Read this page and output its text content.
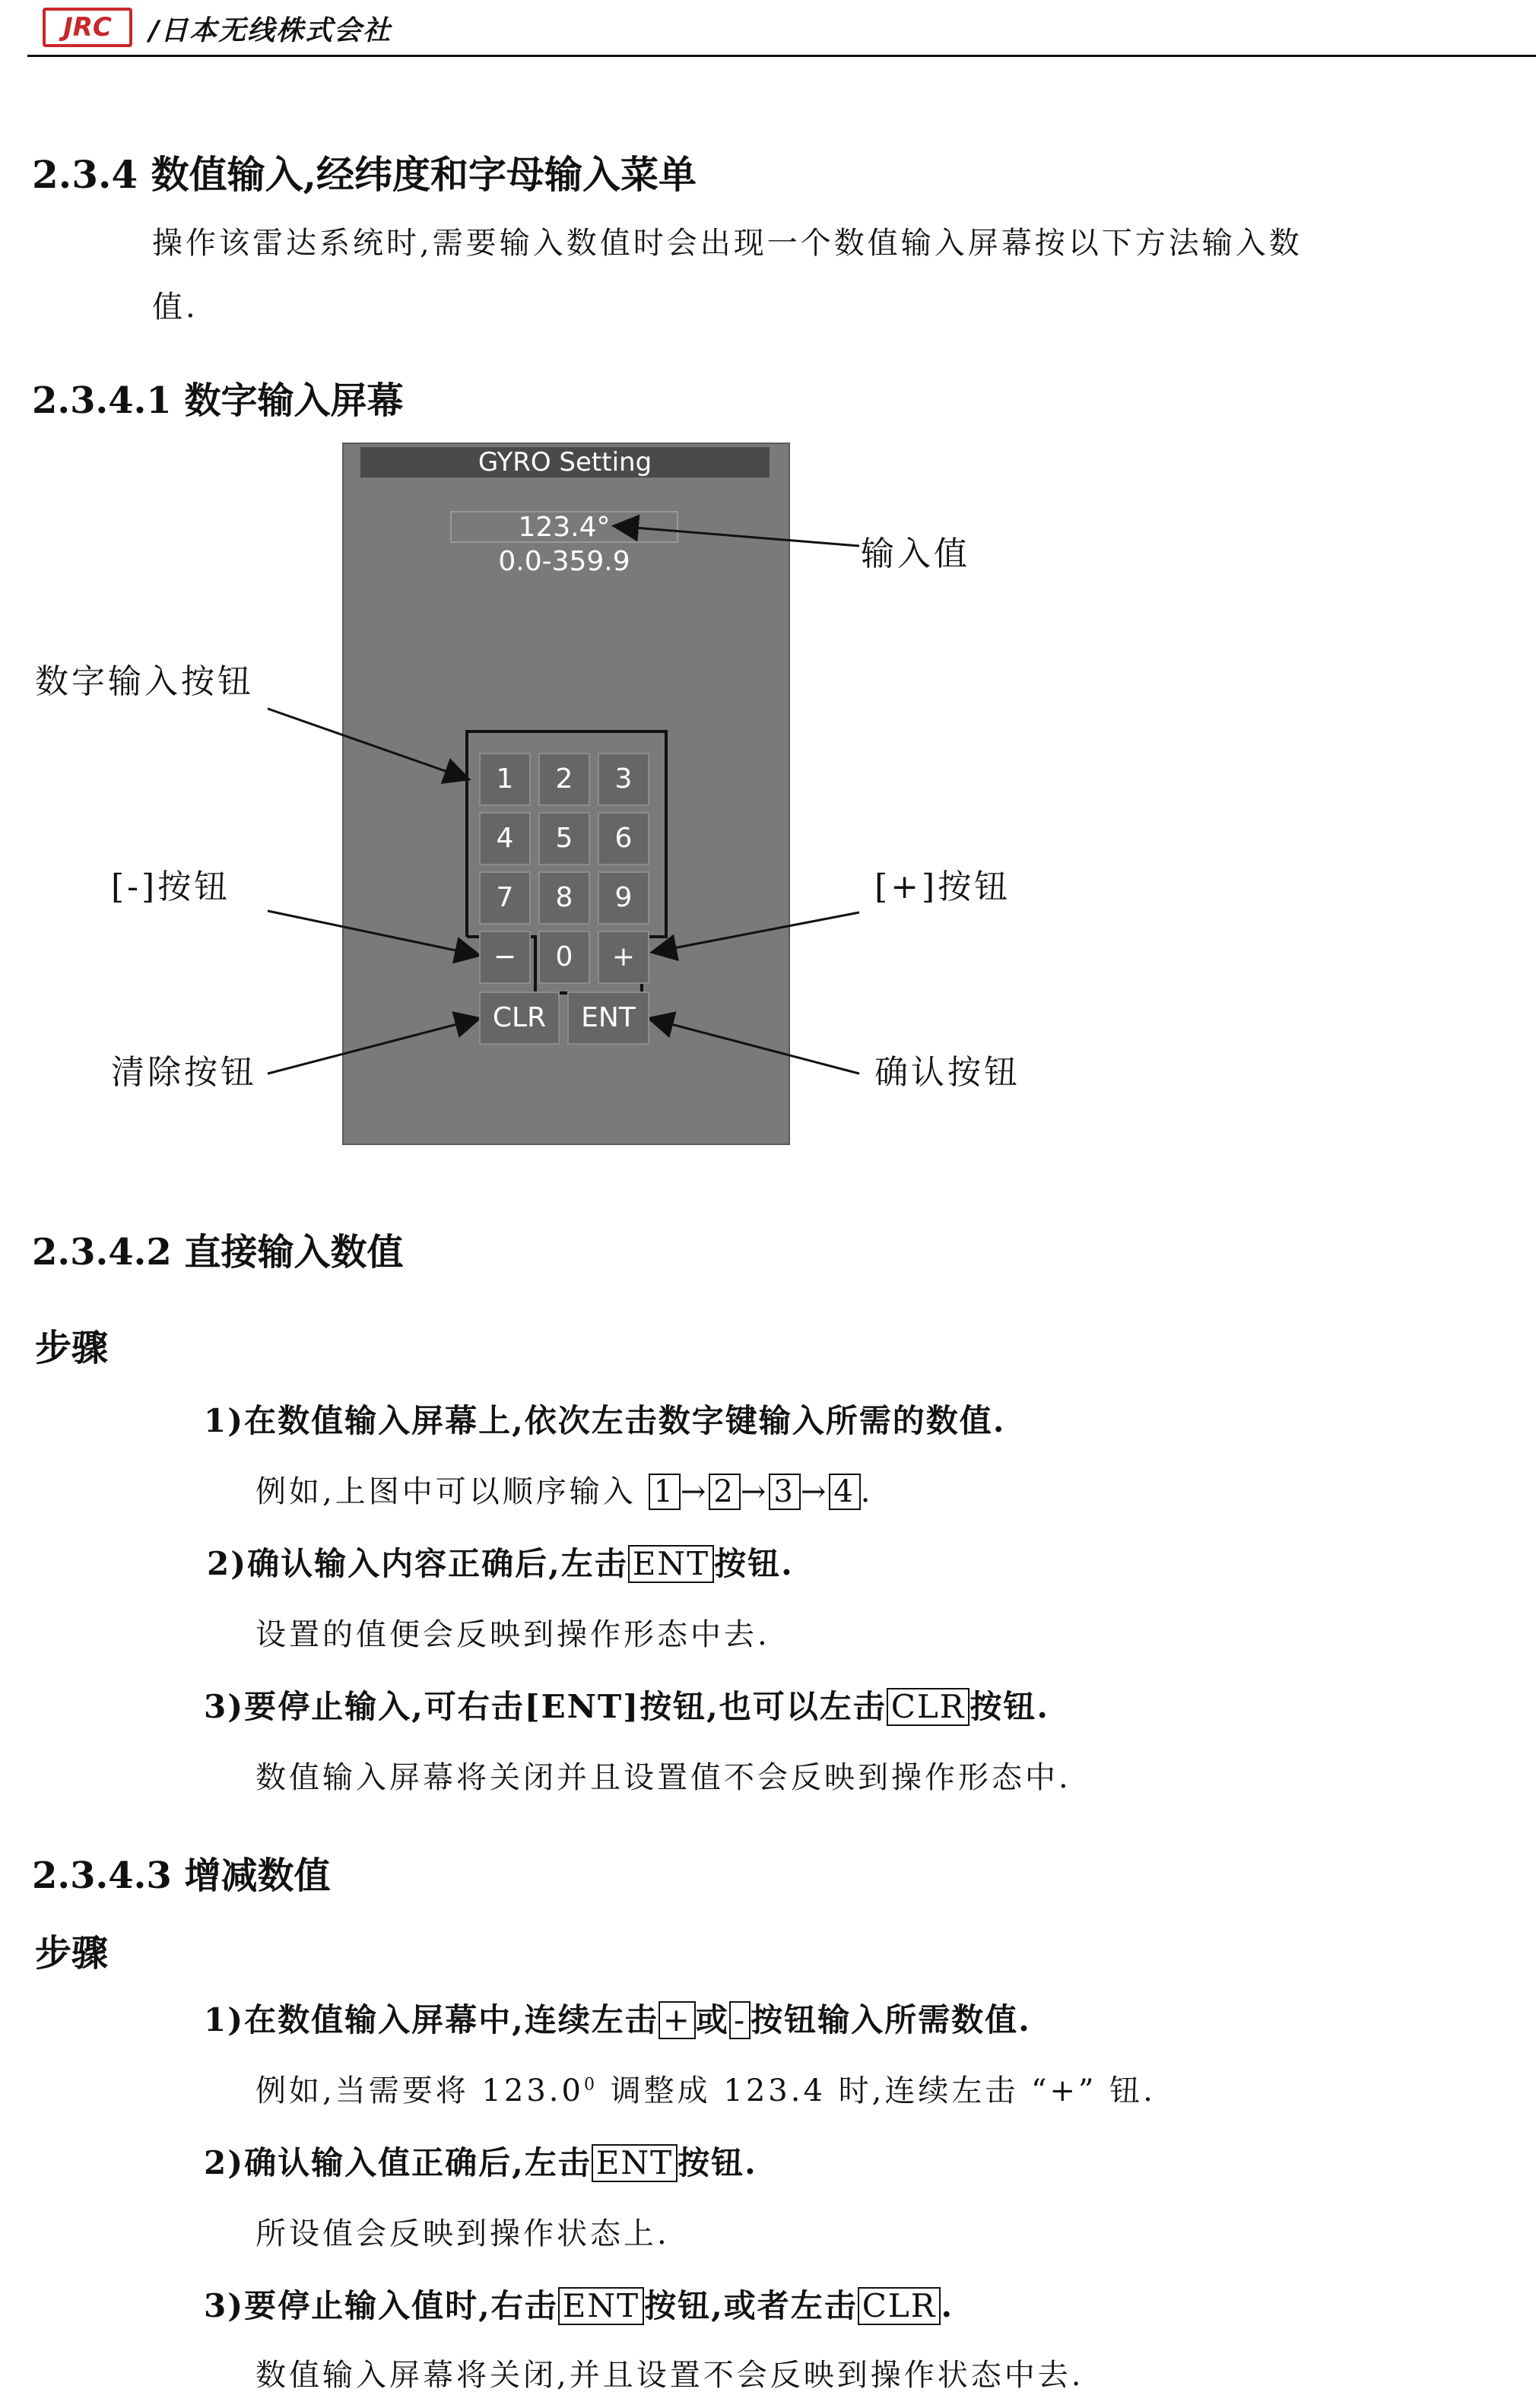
JRC	/日本无线株式会社
2.3.4 数值输入,经纬度和字母输入菜单
操作该雷达系统时,需要输入数值时会出现一个数值输入屏幕按以下方法输入数
值.
2.3.4.1 数字输入屏幕
GYRO Setting
123.4°
0.0-359.9
1	2	3
4	5	6
7	8	9
−	0	+
CLR	ENT
输入值
数字输入按钮
[-]按钮	[+]按钮
清除按钮	确认按钮
2.3.4.2 直接输入数值
步骤
1)在数值输入屏幕上,依次左击数字键输入所需的数值.
例如,上图中可以顺序输入 1 → 2 → 3 → 4 .
2)确认输入内容正确后,左击 ENT 按钮.
设置的值便会反映到操作形态中去.
3)要停止输入,可右击[ENT]按钮,也可以左击 CLR 按钮.
数值输入屏幕将关闭并且设置值不会反映到操作形态中.
2.3.4.3 增减数值
步骤
1)在数值输入屏幕中,连续左击 + 或 - 按钮输入所需数值.
例如,当需要将 123.0$^0$ 调整成 123.4 时,连续左击 “+” 钮.
2)确认输入值正确后,左击 ENT 按钮.
所设值会反映到操作状态上.
3)要停止输入值时,右击 ENT 按钮,或者左击 CLR .
数值输入屏幕将关闭,并且设置不会反映到操作状态中去.
